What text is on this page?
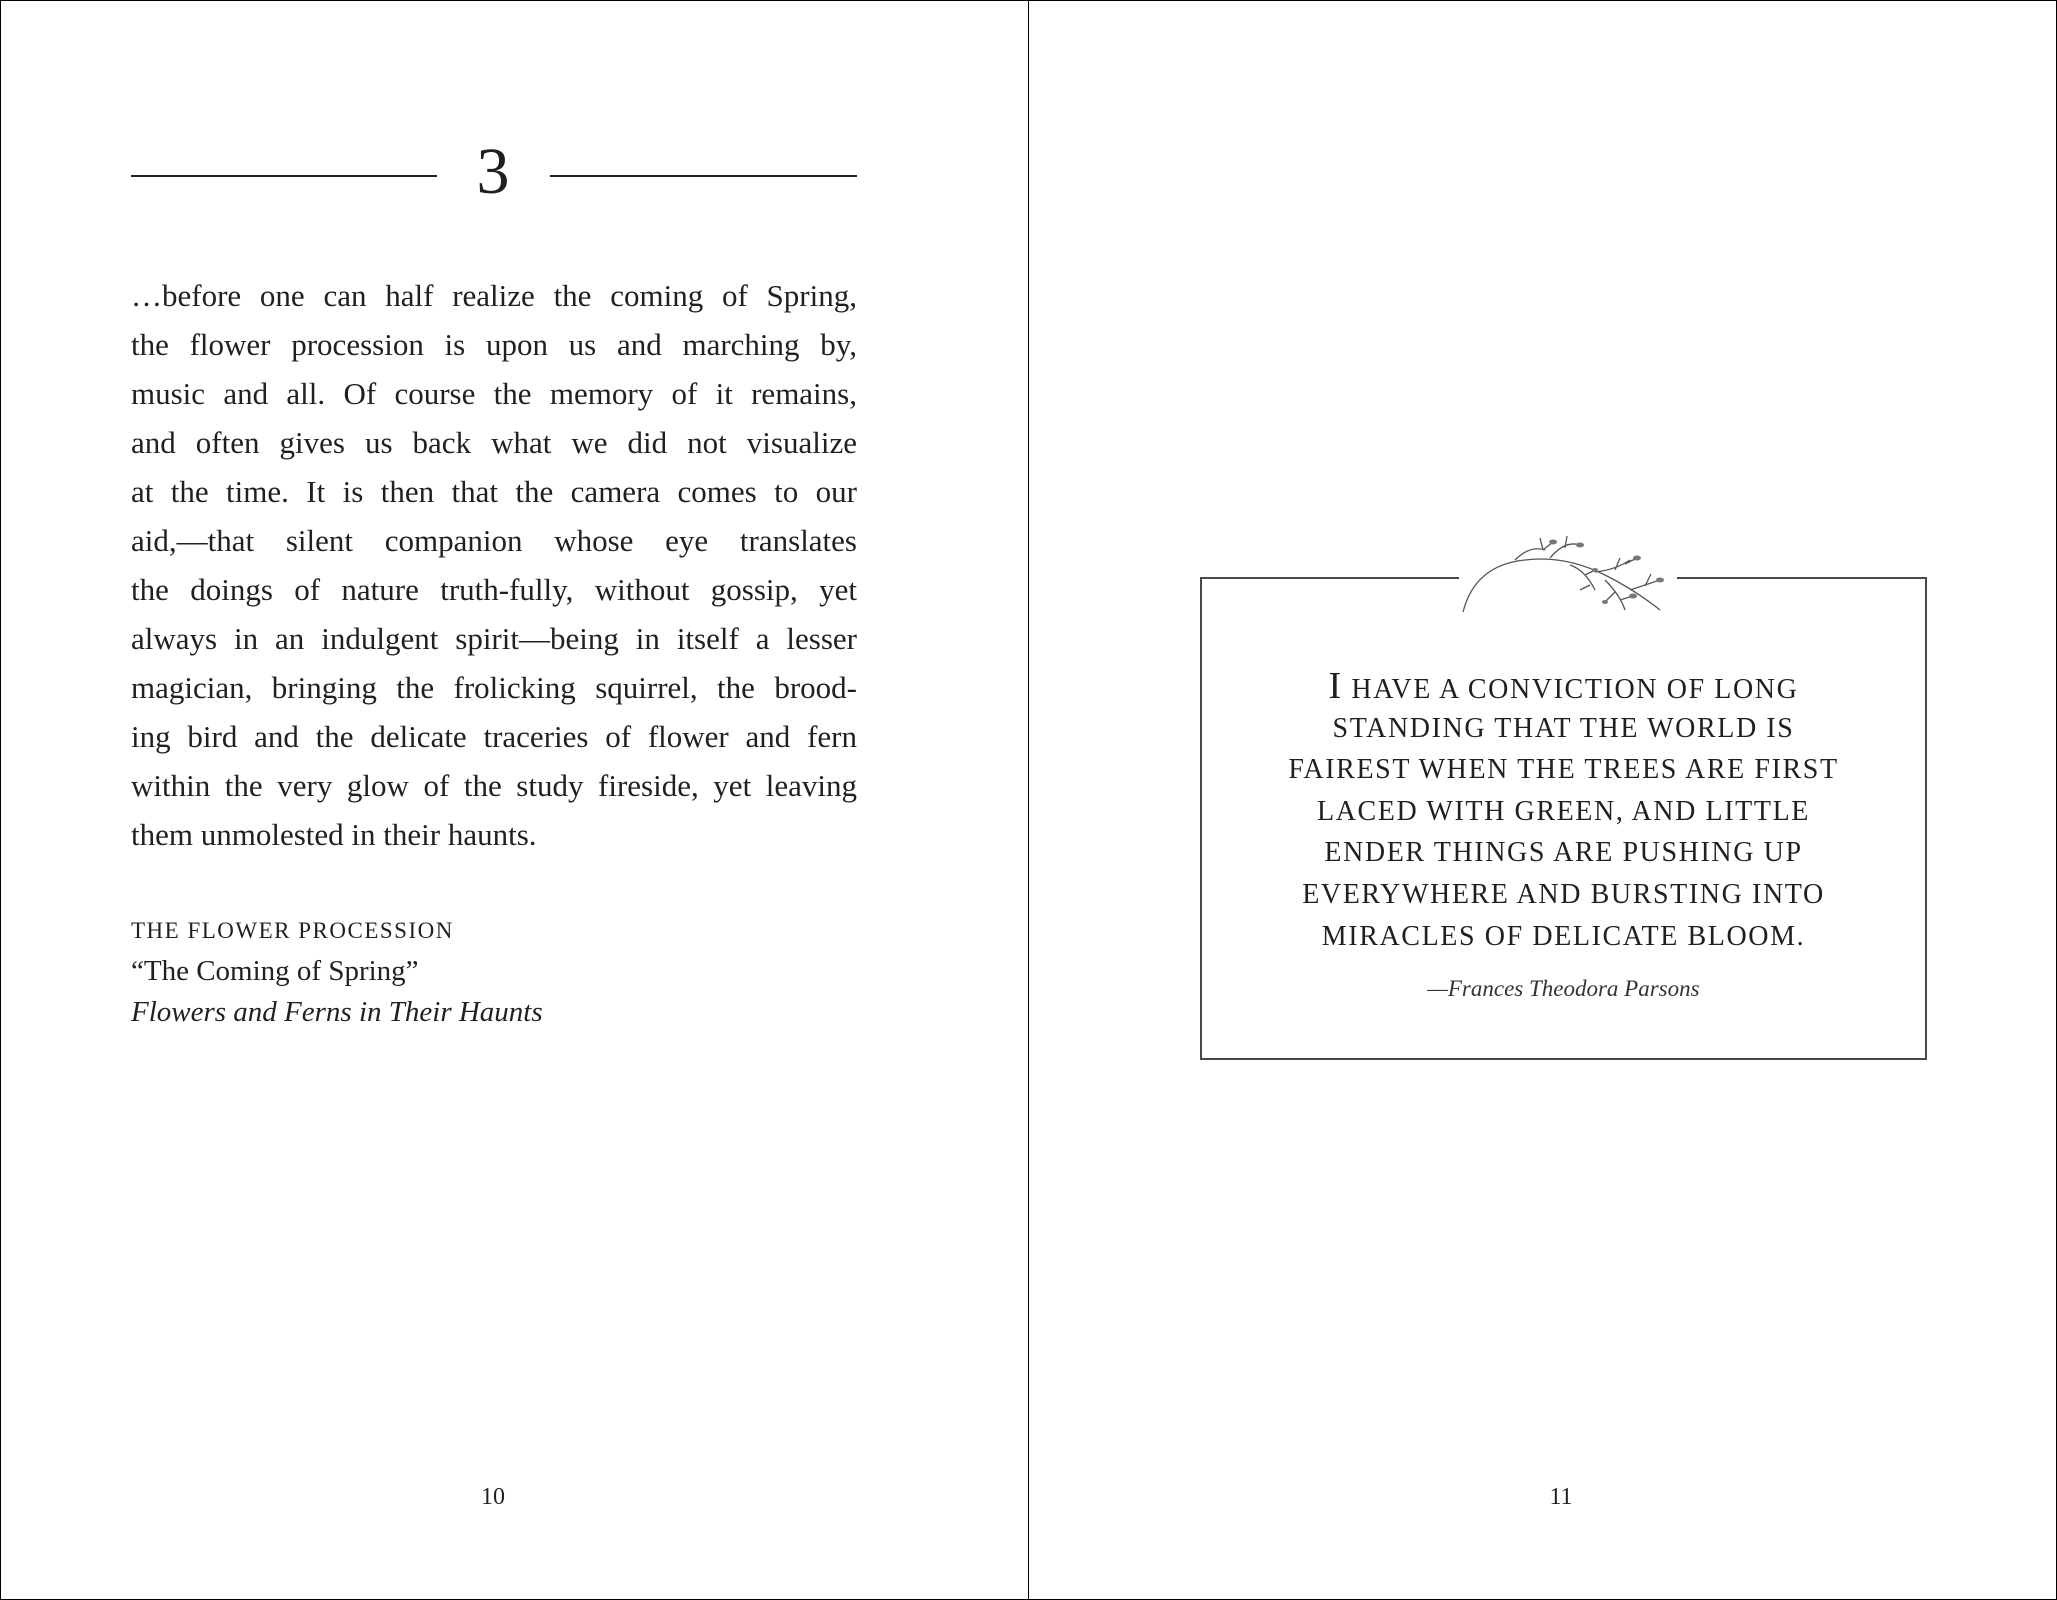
3
…before one can half realize the coming of Spring,
the flower procession is upon us and marching by,
music and all. Of course the memory of it remains,
and often gives us back what we did not visualize
at the time. It is then that the camera comes to our
aid,—that silent companion whose eye translates
the doings of nature truth-fully, without gossip, yet
always in an indulgent spirit—being in itself a lesser
magician, bringing the frolicking squirrel, the brood-
ing bird and the delicate traceries of flower and fern
within the very glow of the study fireside, yet leaving
them unmolested in their haunts.
THE FLOWER PROCESSION
“The Coming of Spring”
Flowers and Ferns in Their Haunts
10
I HAVE A CONVICTION OF LONG
STANDING THAT THE WORLD IS
FAIREST WHEN THE TREES ARE FIRST
LACED WITH GREEN, AND LITTLE
ENDER THINGS ARE PUSHING UP
EVERYWHERE AND BURSTING INTO
MIRACLES OF DELICATE BLOOM.
—Frances Theodora Parsons
11
